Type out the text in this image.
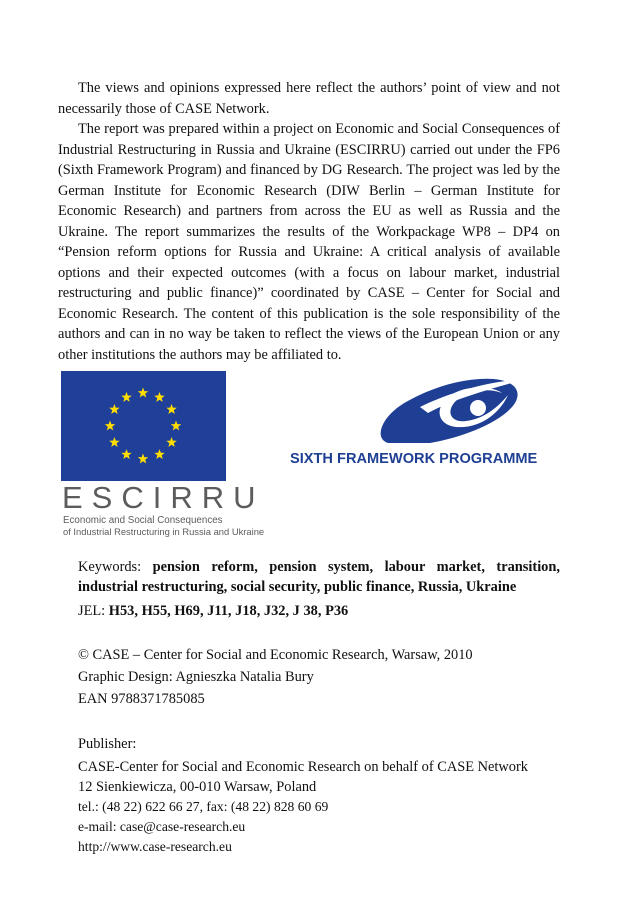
The views and opinions expressed here reflect the authors’ point of view and not necessarily those of CASE Network.

The report was prepared within a project on Economic and Social Consequences of Industrial Restructuring in Russia and Ukraine (ESCIRRU) carried out under the FP6 (Sixth Framework Program) and financed by DG Research. The project was led by the German Institute for Economic Research (DIW Berlin – German Institute for Economic Research) and partners from across the EU as well as Russia and the Ukraine. The report summarizes the results of the Workpackage WP8 – DP4 on “Pension reform options for Russia and Ukraine: A critical analysis of available options and their expected outcomes (with a focus on labour market, industrial restructuring and public finance)” coordinated by CASE – Center for Social and Economic Research. The content of this publication is the sole responsibility of the authors and can in no way be taken to reflect the views of the European Union or any other institutions the authors may be affiliated to.

SIXTH FRAMEWORK PROGRAMME
ESCIRRU
Economic and Social Consequences
of Industrial Restructuring in Russia and Ukraine

Keywords: pension reform, pension system, labour market, transition, industrial restructuring, social security, public finance, Russia, Ukraine

JEL: H53, H55, H69, J11, J18, J32, J 38, P36

© CASE – Center for Social and Economic Research, Warsaw, 2010

Graphic Design: Agnieszka Natalia Bury

EAN 9788371785085

Publisher:

CASE-Center for Social and Economic Research on behalf of CASE Network

12 Sienkiewicza, 00-010 Warsaw, Poland

tel.: (48 22) 622 66 27, fax: (48 22) 828 60 69

e-mail: case@case-research.eu

http://www.case-research.eu
